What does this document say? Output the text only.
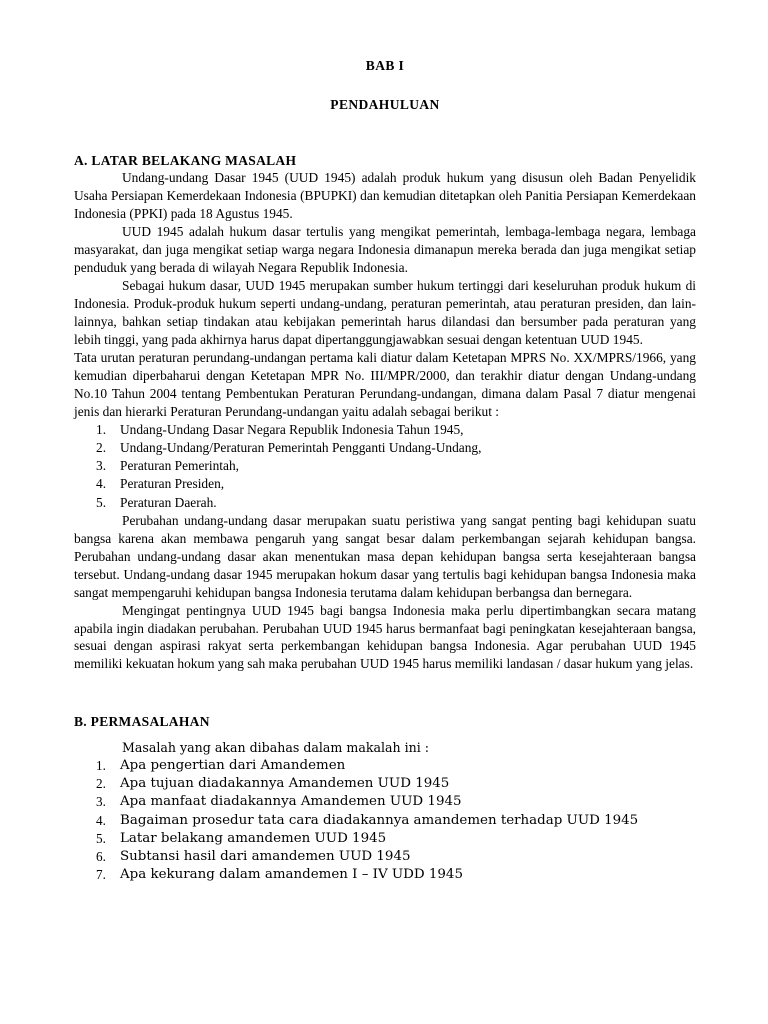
BAB I
PENDAHULUAN
A. LATAR BELAKANG MASALAH

Undang-undang Dasar 1945 (UUD 1945) adalah produk hukum yang disusun oleh Badan Penyelidik Usaha Persiapan Kemerdekaan Indonesia (BPUPKI) dan kemudian ditetapkan oleh Panitia Persiapan Kemerdekaan Indonesia (PPKI) pada 18 Agustus 1945.

UUD 1945 adalah hukum dasar tertulis yang mengikat pemerintah, lembaga-lembaga negara, lembaga masyarakat, dan juga mengikat setiap warga negara Indonesia dimanapun mereka berada dan juga mengikat setiap penduduk yang berada di wilayah Negara Republik Indonesia.

Sebagai hukum dasar, UUD 1945 merupakan sumber hukum tertinggi dari keseluruhan produk hukum di Indonesia. Produk-produk hukum seperti undang-undang, peraturan pemerintah, atau peraturan presiden, dan lain-lainnya, bahkan setiap tindakan atau kebijakan pemerintah harus dilandasi dan bersumber pada peraturan yang lebih tinggi, yang pada akhirnya harus dapat dipertanggungjawabkan sesuai dengan ketentuan UUD 1945.

Tata urutan peraturan perundang-undangan pertama kali diatur dalam Ketetapan MPRS No. XX/MPRS/1966, yang kemudian diperbaharui dengan Ketetapan MPR No. III/MPR/2000, dan terakhir diatur dengan Undang-undang No.10 Tahun 2004 tentang Pembentukan Peraturan Perundang-undangan, dimana dalam Pasal 7 diatur mengenai jenis dan hierarki Peraturan Perundang-undangan yaitu adalah sebagai berikut :

1. Undang-Undang Dasar Negara Republik Indonesia Tahun 1945,
2. Undang-Undang/Peraturan Pemerintah Pengganti Undang-Undang,
3. Peraturan Pemerintah,
4. Peraturan Presiden,
5. Peraturan Daerah.

Perubahan undang-undang dasar merupakan suatu peristiwa yang sangat penting bagi kehidupan suatu bangsa karena akan membawa pengaruh yang sangat besar dalam perkembangan sejarah kehidupan bangsa. Perubahan undang-undang dasar akan menentukan masa depan kehidupan bangsa serta kesejahteraan bangsa tersebut. Undang-undang dasar 1945 merupakan hokum dasar yang tertulis bagi kehidupan bangsa Indonesia maka sangat mempengaruhi kehidupan bangsa Indonesia terutama dalam kehidupan berbangsa dan bernegara.

Mengingat pentingnya UUD 1945 bagi bangsa Indonesia maka perlu dipertimbangkan secara matang apabila ingin diadakan perubahan. Perubahan UUD 1945 harus bermanfaat bagi peningkatan kesejahteraan bangsa, sesuai dengan aspirasi rakyat serta perkembangan kehidupan bangsa Indonesia. Agar perubahan UUD 1945 memiliki kekuatan hokum yang sah maka perubahan UUD 1945 harus memiliki landasan / dasar hukum yang jelas.

B. PERMASALAHAN

Masalah yang akan dibahas dalam makalah ini :

1. Apa pengertian dari Amandemen
2. Apa tujuan diadakannya Amandemen UUD 1945
3. Apa manfaat diadakannya Amandemen UUD 1945
4. Bagaiman prosedur tata cara diadakannya amandemen terhadap UUD 1945
5. Latar belakang amandemen UUD 1945
6. Subtansi hasil dari amandemen UUD 1945
7. Apa kekurang dalam amandemen I – IV UDD 1945
